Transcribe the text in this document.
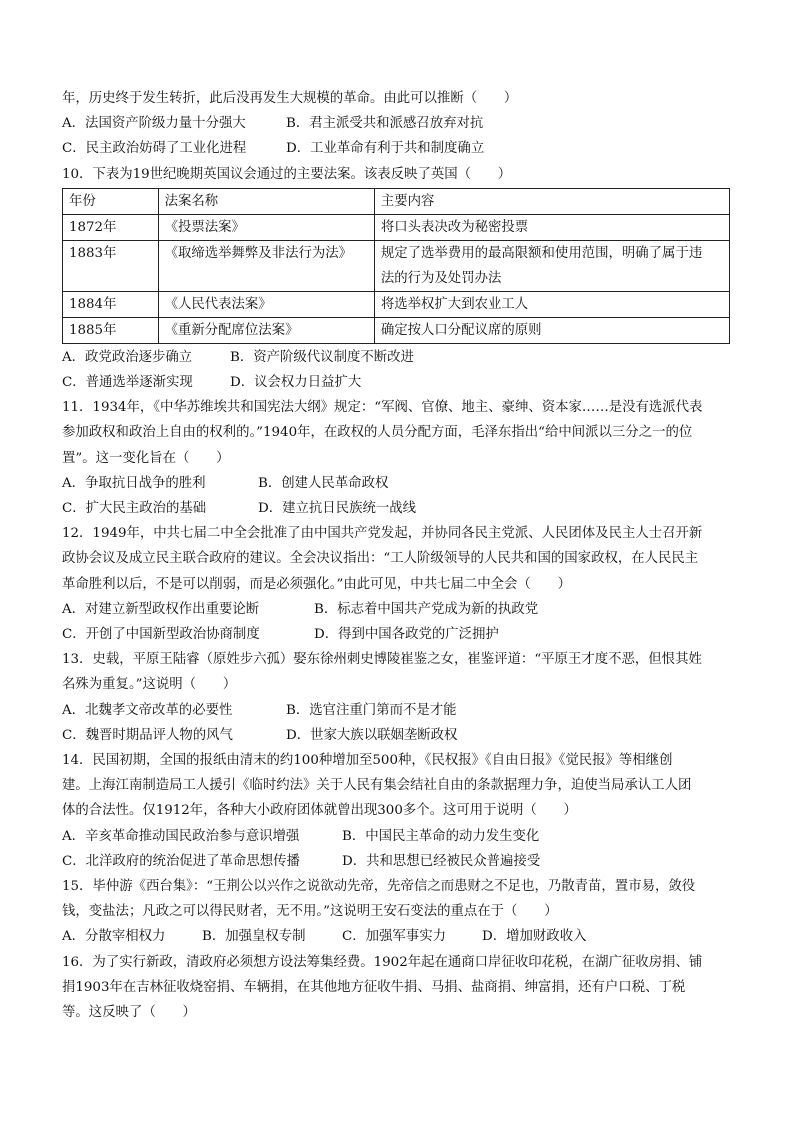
年，历史终于发生转折，此后没再发生大规模的革命。由此可以推断（　　）
A．法国资产阶级力量十分强大	B．君主派受共和派感召放弃对抗
C．民主政治妨碍了工业化进程	D．工业革命有利于共和制度确立
10．下表为19世纪晚期英国议会通过的主要法案。该表反映了英国（　　）
年份	法案名称	主要内容
1872年	《投票法案》	将口头表决改为秘密投票
1883年	《取缔选举舞弊及非法行为法》	规定了选举费用的最高限额和使用范围，明确了属于违
法的行为及处罚办法

1884年	《人民代表法案》	将选举权扩大到农业工人
1885年	《重新分配席位法案》	确定按人口分配议席的原则
A．政党政治逐步确立	B．资产阶级代议制度不断改进
C．普通选举逐渐实现	D．议会权力日益扩大
11．1934年，《中华苏维埃共和国宪法大纲》规定：“军阀、官僚、地主、豪绅、资本家……是没有选派代表
参加政权和政治上自由的权利的。”1940年，在政权的人员分配方面，毛泽东指出“给中间派以三分之一的位
置”。这一变化旨在（　　）
A．争取抗日战争的胜利	B．创建人民革命政权
C．扩大民主政治的基础	D．建立抗日民族统一战线
12．1949年，中共七届二中全会批准了由中国共产党发起，并协同各民主党派、人民团体及民主人士召开新
政协会议及成立民主联合政府的建议。全会决议指出：“工人阶级领导的人民共和国的国家政权，在人民民主
革命胜利以后，不是可以削弱，而是必须强化。”由此可见，中共七届二中全会（　　）
A．对建立新型政权作出重要论断	B．标志着中国共产党成为新的执政党
C．开创了中国新型政治协商制度	D．得到中国各政党的广泛拥护
13．史载，平原王陆睿（原姓步六孤）娶东徐州刺史博陵崔鉴之女，崔鉴评道：“平原王才度不恶，但恨其姓
名殊为重复。”这说明（　　）
A．北魏孝文帝改革的必要性	B．选官注重门第而不是才能
C．魏晋时期品评人物的风气	D．世家大族以联姻垄断政权
14．民国初期，全国的报纸由清末的约100种增加至500种，《民权报》《自由日报》《觉民报》等相继创
建。上海江南制造局工人援引《临时约法》关于人民有集会结社自由的条款据理力争，迫使当局承认工人团
体的合法性。仅1912年，各种大小政府团体就曾出现300多个。这可用于说明（　　）
A．辛亥革命推动国民政治参与意识增强	B．中国民主革命的动力发生变化
C．北洋政府的统治促进了革命思想传播	D．共和思想已经被民众普遍接受
15．毕仲游《西台集》：“王荆公以兴作之说欲动先帝，先帝信之而患财之不足也，乃散青苗，置市易，敛役
钱，变盐法；凡政之可以得民财者，无不用。”这说明王安石变法的重点在于（　　）
A．分散宰相权力	B．加强皇权专制	C．加强军事实力	D．增加财政收入
16．为了实行新政，清政府必须想方设法筹集经费。1902年起在通商口岸征收印花税，在湖广征收房捐、铺
捐1903年在吉林征收烧窑捐、车辆捐，在其他地方征收牛捐、马捐、盐商捐、绅富捐，还有户口税、丁税
等。这反映了（　　）
